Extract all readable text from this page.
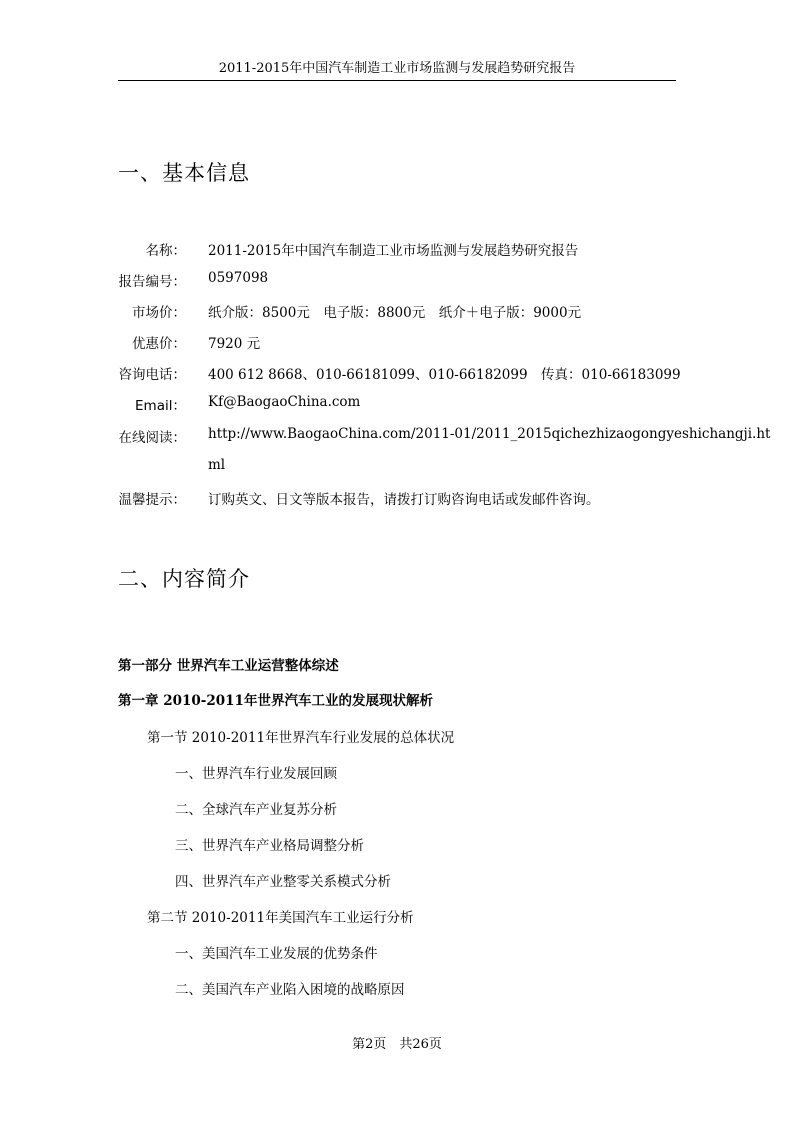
2011-2015年中国汽车制造工业市场监测与发展趋势研究报告
一、基本信息
名称： 2011-2015年中国汽车制造工业市场监测与发展趋势研究报告
报告编号： 0597098
市场价： 纸介版：8500元　电子版：8800元　纸介＋电子版：9000元
优惠价： 7920 元
咨询电话： 400 612 8668、010-66181099、010-66182099　传真：010-66183099
Email： Kf@BaogaoChina.com
在线阅读： http://www.BaogaoChina.com/2011-01/2011_2015qichezhizaogongyeshichangji.ht
ml
温馨提示： 订购英文、日文等版本报告，请拨打订购咨询电话或发邮件咨询。
二、内容简介
第一部分 世界汽车工业运营整体综述
第一章 2010-2011年世界汽车工业的发展现状解析
第一节 2010-2011年世界汽车行业发展的总体状况
一、世界汽车行业发展回顾
二、全球汽车产业复苏分析
三、世界汽车产业格局调整分析
四、世界汽车产业整零关系模式分析
第二节 2010-2011年美国汽车工业运行分析
一、美国汽车工业发展的优势条件
二、美国汽车产业陷入困境的战略原因
第2页　共26页
